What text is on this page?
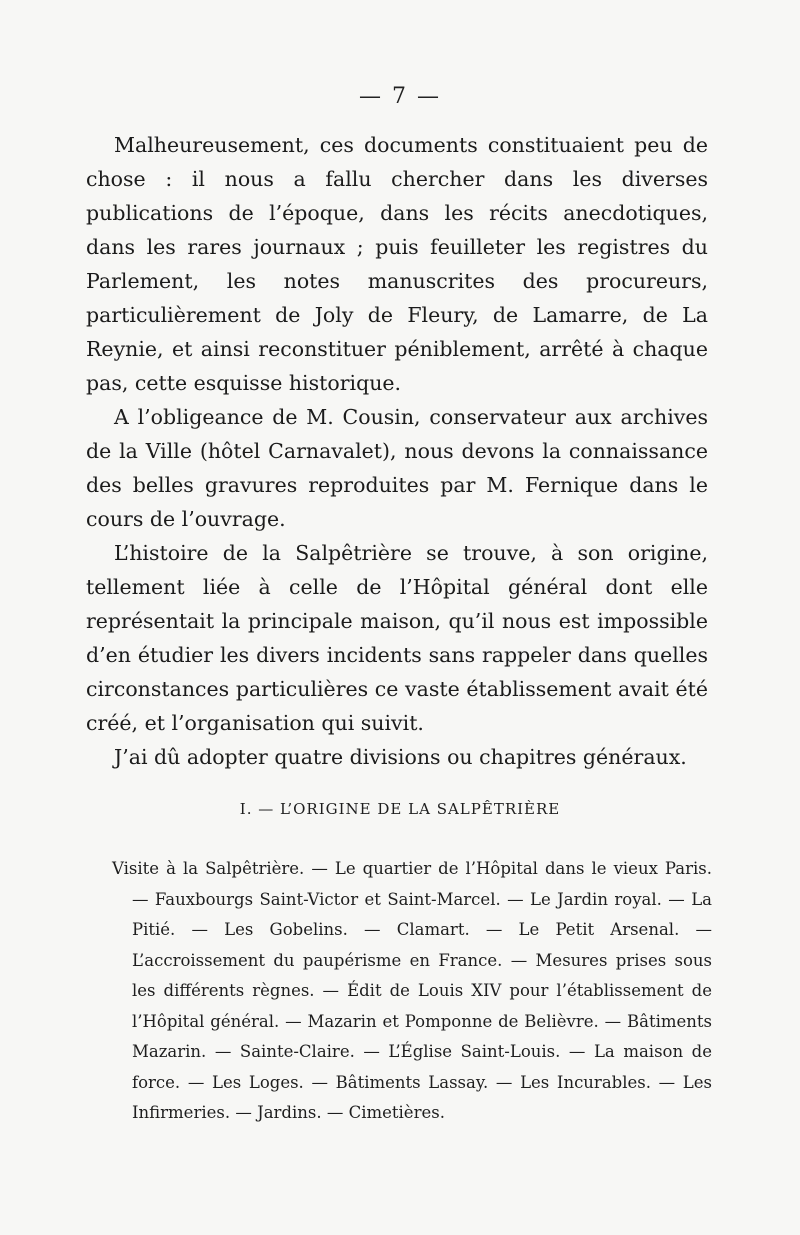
— 7 —

Malheureusement, ces documents constituaient peu de chose : il nous a fallu chercher dans les diverses publications de l’époque, dans les récits anecdotiques, dans les rares journaux ; puis feuilleter les registres du Parlement, les notes manuscrites des procureurs, particulièrement de Joly de Fleury, de Lamarre, de La Reynie, et ainsi reconstituer péniblement, arrêté à chaque pas, cette esquisse historique.

A l’obligeance de M. Cousin, conservateur aux archives de la Ville (hôtel Carnavalet), nous devons la connaissance des belles gravures reproduites par M. Fernique dans le cours de l’ouvrage.

L’histoire de la Salpêtrière se trouve, à son origine, tellement liée à celle de l’Hôpital général dont elle représentait la principale maison, qu’il nous est impossible d’en étudier les divers incidents sans rappeler dans quelles circonstances particulières ce vaste établissement avait été créé, et l’organisation qui suivit.

J’ai dû adopter quatre divisions ou chapitres généraux.

I. — L’ORIGINE DE LA SALPÊTRIÈRE

Visite à la Salpêtrière. — Le quartier de l’Hôpital dans le vieux Paris. — Fauxbourgs Saint-Victor et Saint-Marcel. — Le Jardin royal. — La Pitié. — Les Gobelins. — Clamart. — Le Petit Arsenal. — L’accroissement du paupérisme en France. — Mesures prises sous les différents règnes. — Édit de Louis XIV pour l’établissement de l’Hôpital général. — Mazarin et Pomponne de Belièvre. — Bâtiments Mazarin. — Sainte-Claire. — L’Église Saint-Louis. — La maison de force. — Les Loges. — Bâtiments Lassay. — Les Incurables. — Les Infirmeries. — Jardins. — Cimetières.
